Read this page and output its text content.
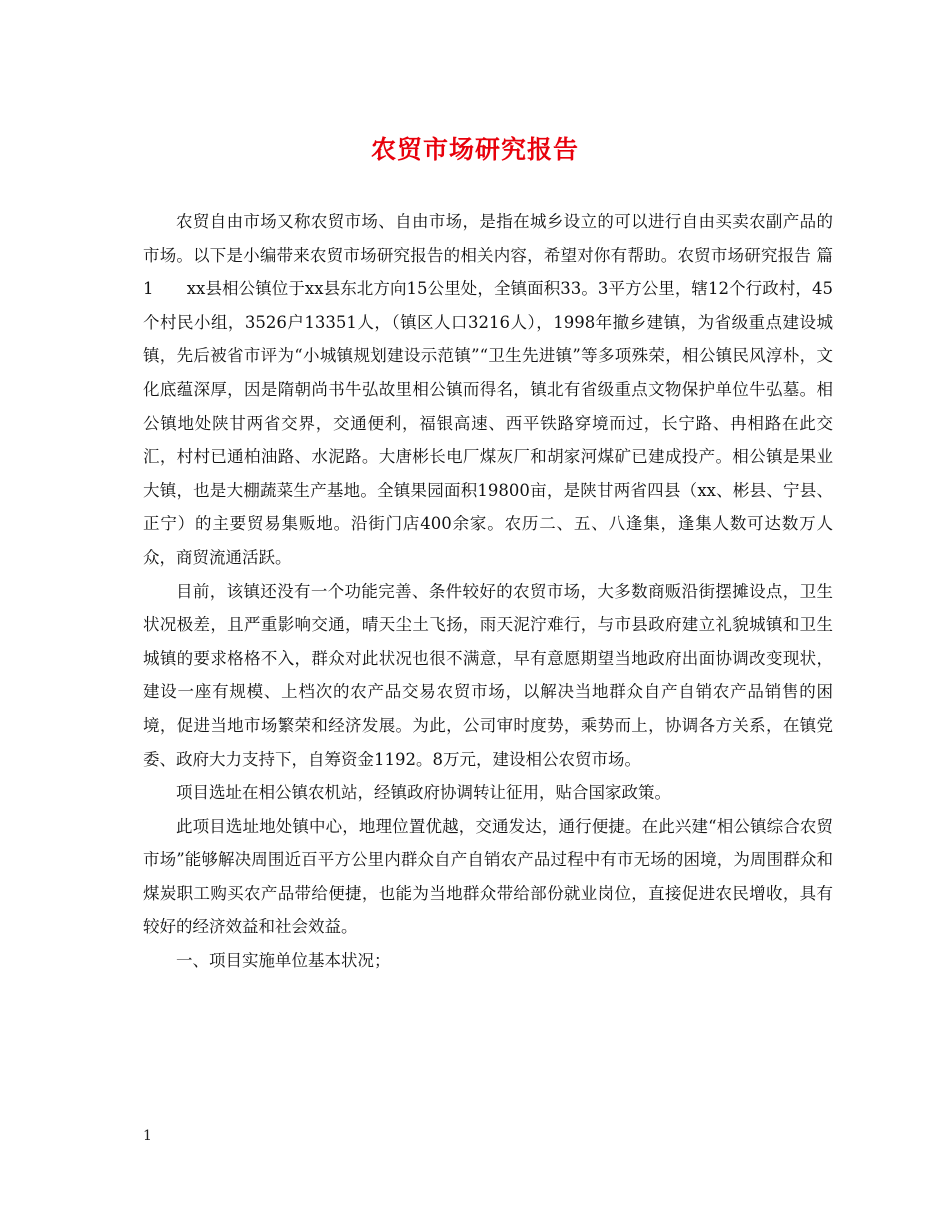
农贸市场研究报告

农贸自由市场又称农贸市场、自由市场，是指在城乡设立的可以进行自由买卖农副产品的市场。以下是小编带来农贸市场研究报告的相关内容，希望对你有帮助。农贸市场研究报告 篇1　　xx县相公镇位于xx县东北方向15公里处，全镇面积33。3平方公里，辖12个行政村，45个村民小组，3526户13351人，（镇区人口3216人），1998年撤乡建镇，为省级重点建设城镇，先后被省市评为“小城镇规划建设示范镇”“卫生先进镇”等多项殊荣，相公镇民风淳朴，文化底蕴深厚，因是隋朝尚书牛弘故里相公镇而得名，镇北有省级重点文物保护单位牛弘墓。相公镇地处陕甘两省交界，交通便利，福银高速、西平铁路穿境而过，长宁路、冉相路在此交汇，村村已通柏油路、水泥路。大唐彬长电厂煤灰厂和胡家河煤矿已建成投产。相公镇是果业大镇，也是大棚蔬菜生产基地。全镇果园面积19800亩，是陕甘两省四县（xx、彬县、宁县、正宁）的主要贸易集贩地。沿街门店400余家。农历二、五、八逢集，逢集人数可达数万人众，商贸流通活跃。

目前，该镇还没有一个功能完善、条件较好的农贸市场，大多数商贩沿街摆摊设点，卫生状况极差，且严重影响交通，晴天尘土飞扬，雨天泥泞难行，与市县政府建立礼貌城镇和卫生城镇的要求格格不入，群众对此状况也很不满意，早有意愿期望当地政府出面协调改变现状，建设一座有规模、上档次的农产品交易农贸市场，以解决当地群众自产自销农产品销售的困境，促进当地市场繁荣和经济发展。为此，公司审时度势，乘势而上，协调各方关系，在镇党委、政府大力支持下，自筹资金1192。8万元，建设相公农贸市场。

项目选址在相公镇农机站，经镇政府协调转让征用，贴合国家政策。

此项目选址地处镇中心，地理位置优越，交通发达，通行便捷。在此兴建“相公镇综合农贸市场”能够解决周围近百平方公里内群众自产自销农产品过程中有市无场的困境，为周围群众和煤炭职工购买农产品带给便捷，也能为当地群众带给部份就业岗位，直接促进农民增收，具有较好的经济效益和社会效益。

一、项目实施单位基本状况；

1
